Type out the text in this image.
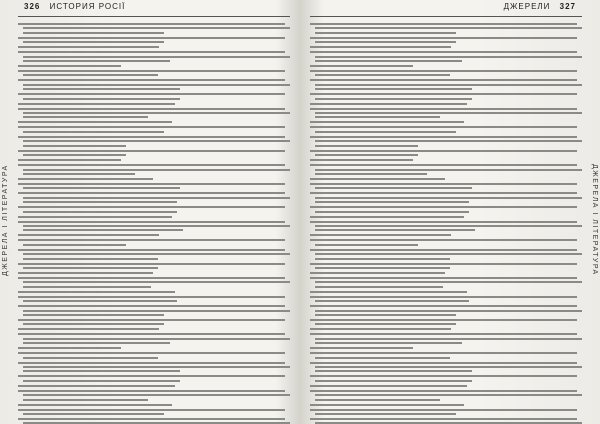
326 ИСТОРИЯ РОСІЇ
ДЖЕРЕЛА І ЛІТЕРАТУРА

ДЖЕРЕЛИ 327
ДЖЕРЕЛА І ЛІТЕРАТУРА
